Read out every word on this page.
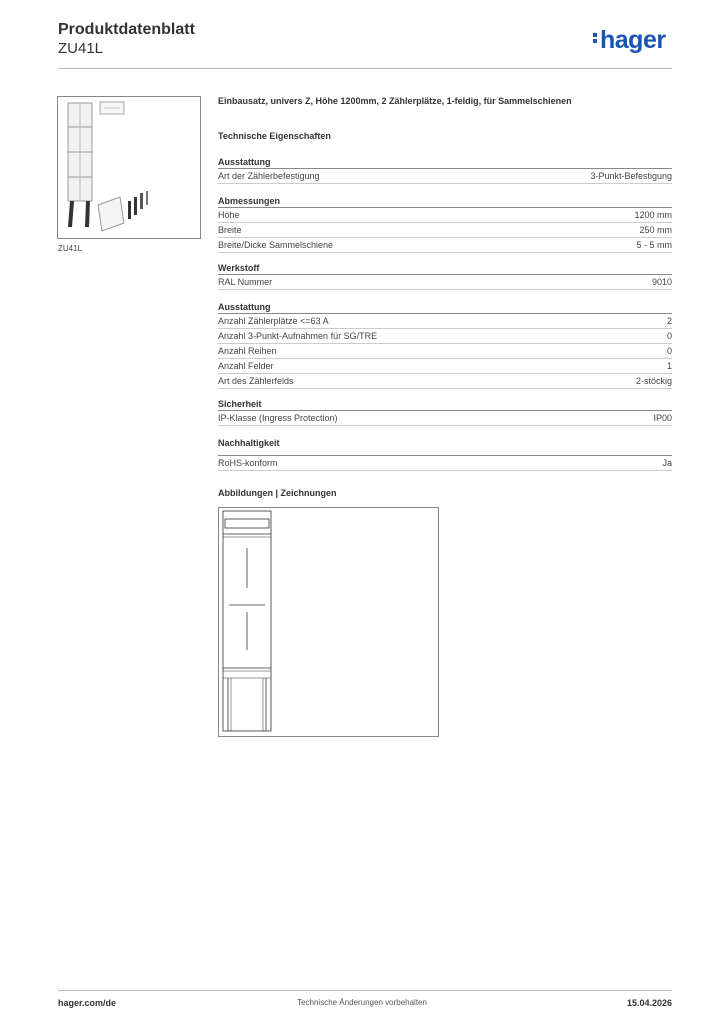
Produktdatenblatt
ZU41L	hager
ZU41L
Einbausatz, univers Z, Höhe 1200mm, 2 Zählerplätze, 1-feldig, für Sammelschienen
Technische Eigenschaften
Ausstattung
Art der Zählerbefestigung	3-Punkt-Befestigung
Abmessungen
Höhe	1200 mm
Breite	250 mm
Breite/Dicke Sammelschiene	5 - 5 mm
Werkstoff
RAL Nummer	9010
Ausstattung
Anzahl Zählerplätze <=63 A	2
Anzahl 3-Punkt-Aufnahmen für SG/TRE	0
Anzahl Reihen	0
Anzahl Felder	1
Art des Zählerfelds	2-stöckig
Sicherheit
IP-Klasse (Ingress Protection)	IP00
Nachhaltigkeit
RoHS-konform	Ja
Abbildungen | Zeichnungen
hager.com/de	Technische Änderungen vorbehalten	15.04.2026
